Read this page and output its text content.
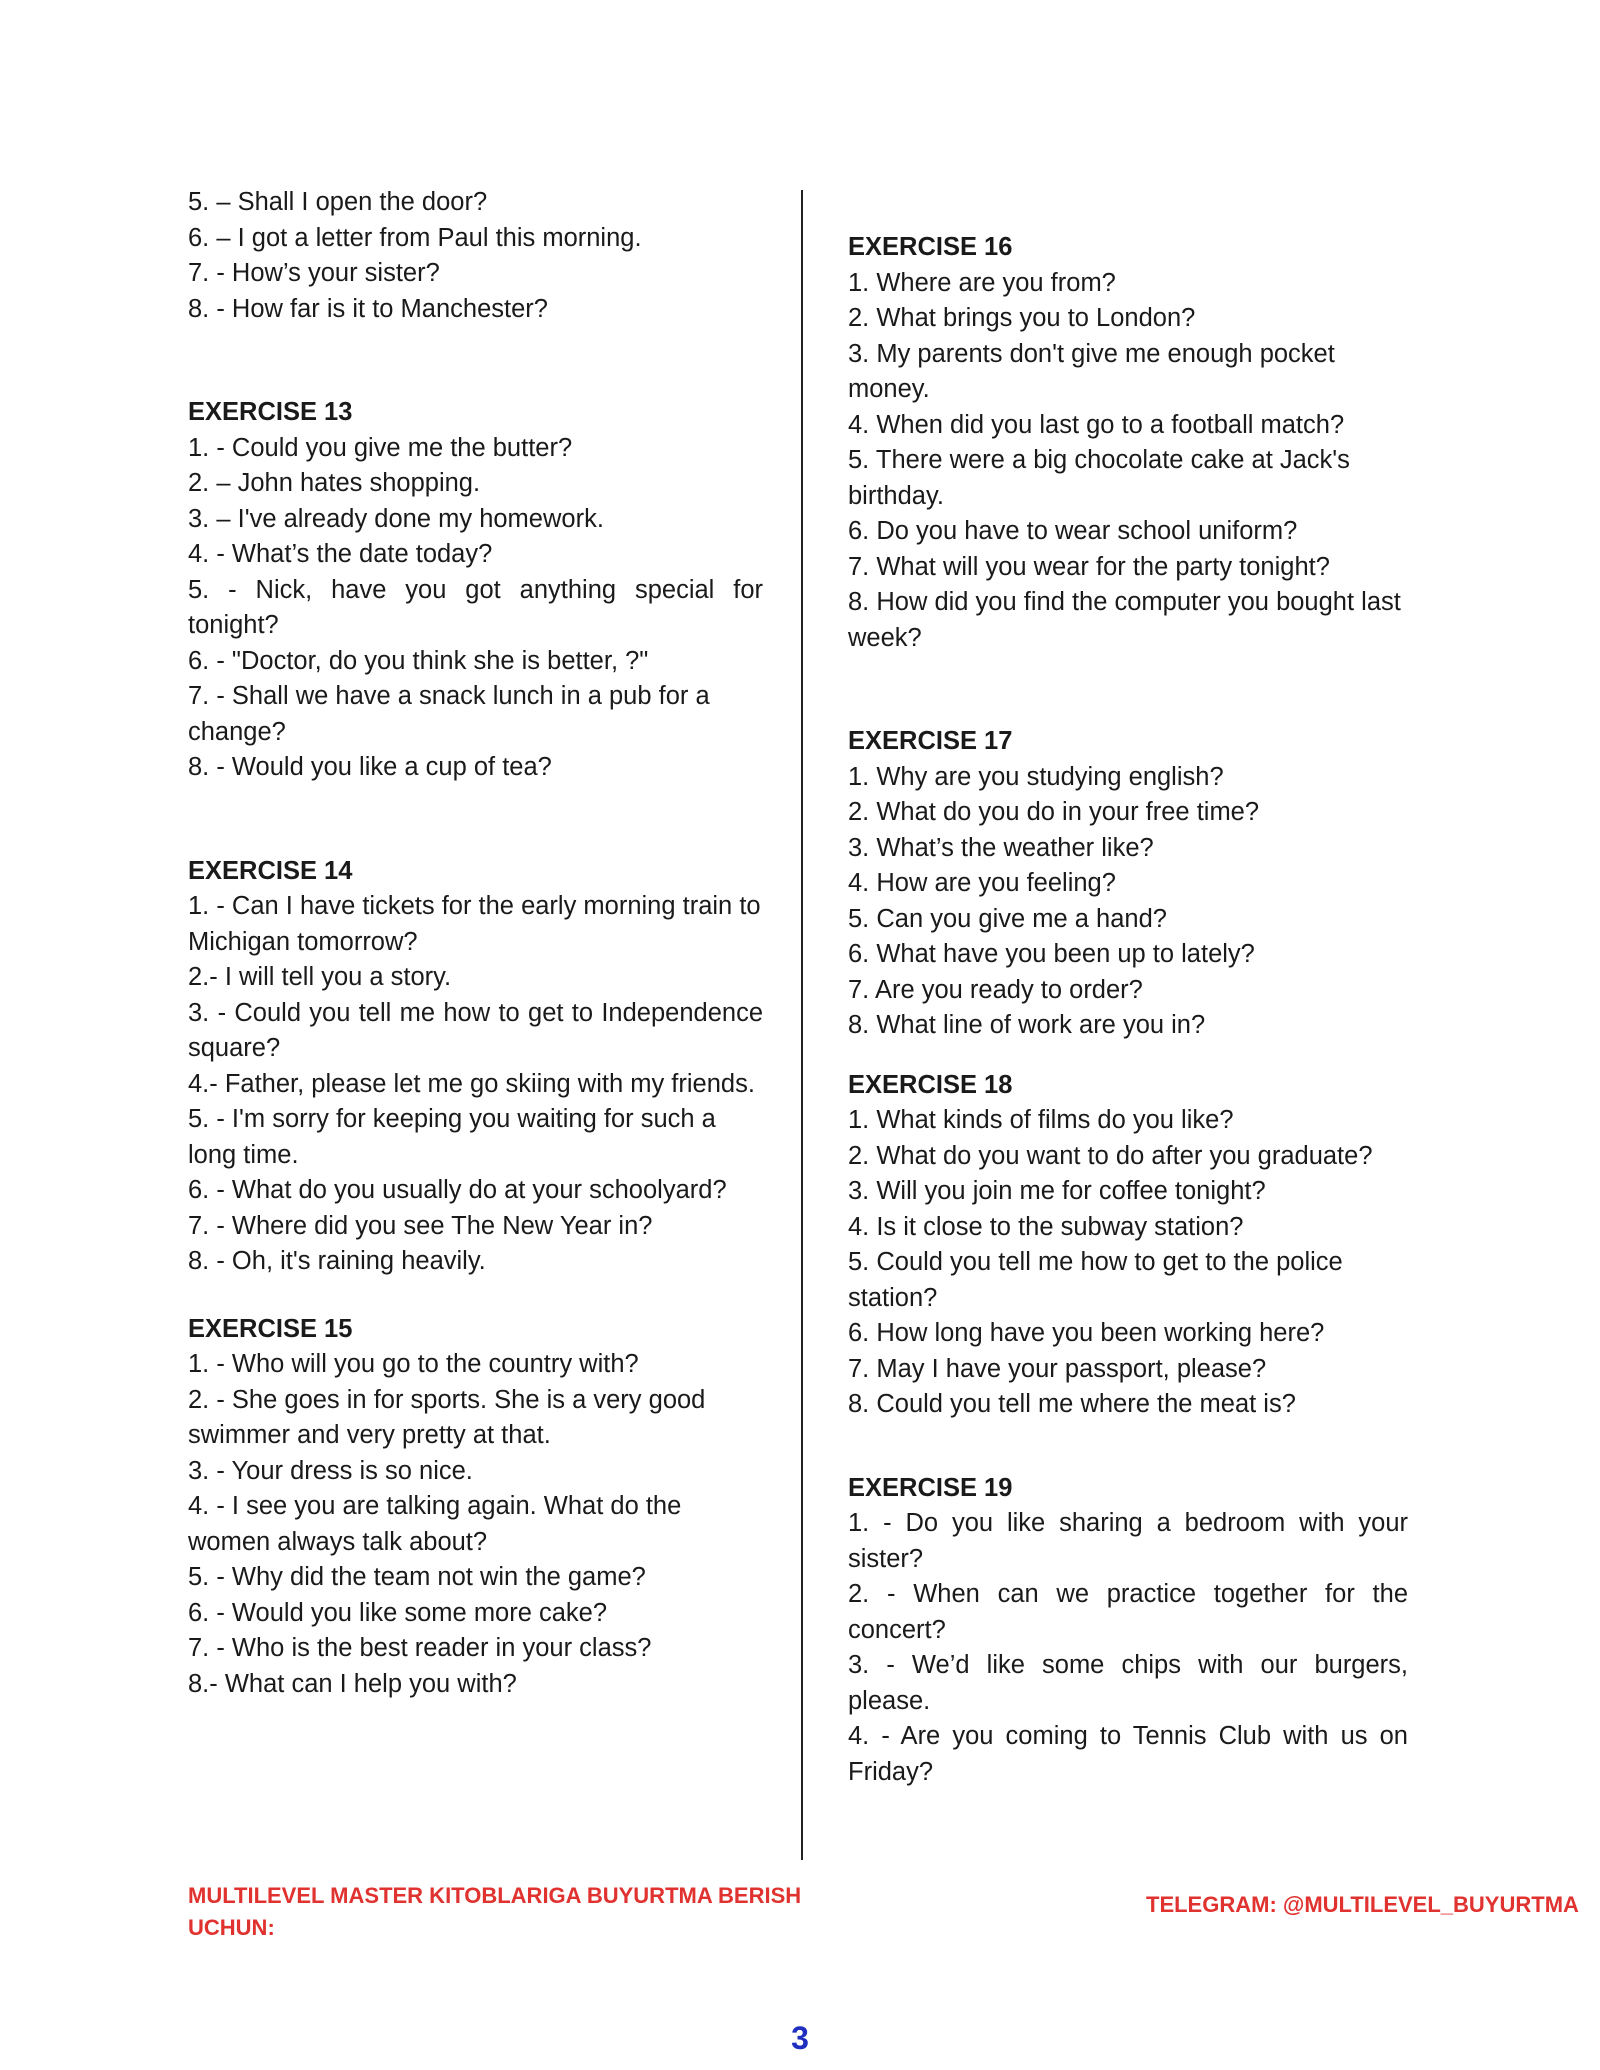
5. – Shall I open the door?

6. – I got a letter from Paul this morning.

7. - How’s your sister?

8. - How far is it to Manchester?

EXERCISE 13

1. - Could you give me the butter?

2. – John hates shopping.

3. – I've already done my homework.

4. - What’s the date today?

5. - Nick, have you got anything special for tonight?

6. - "Doctor, do you think she is better, ?"

7. - Shall we have a snack lunch in a pub for a change?

8. - Would you like a cup of tea?

EXERCISE 14

1. - Can I have tickets for the early morning train to Michigan tomorrow?

2.- I will tell you a story.

3. - Could you tell me how to get to Independence square?

4.- Father, please let me go skiing with my friends.

5. - I'm sorry for keeping you waiting for such a long time.

6. - What do you usually do at your schoolyard?

7. - Where did you see The New Year in?

8. - Oh, it's raining heavily.

EXERCISE 15

1. - Who will you go to the country with?

2. - She goes in for sports. She is a very good swimmer and very pretty at that.

3. - Your dress is so nice.

4. - I see you are talking again. What do the women always talk about?

5. - Why did the team not win the game?

6. - Would you like some more cake?

7. - Who is the best reader in your class?

8.- What can I help you with?

EXERCISE 16

1. Where are you from?

2. What brings you to London?

3. My parents don't give me enough pocket money.

4. When did you last go to a football match?

5. There were a big chocolate cake at Jack's birthday.

6. Do you have to wear school uniform?

7. What will you wear for the party tonight?

8. How did you find the computer you bought last week?

EXERCISE 17

1. Why are you studying english?

2. What do you do in your free time?

3. What’s the weather like?

4. How are you feeling?

5. Can you give me a hand?

6. What have you been up to lately?

7. Are you ready to order?

8. What line of work are you in?

EXERCISE 18

1. What kinds of films do you like?

2. What do you want to do after you graduate?

3. Will you join me for coffee tonight?

4. Is it close to the subway station?

5. Could you tell me how to get to the police station?

6. How long have you been working here?

7. May I have your passport, please?

8. Could you tell me where the meat is?

EXERCISE 19

1. - Do you like sharing a bedroom with your sister?

2. - When can we practice together for the concert?

3. - We’d like some chips with our burgers, please.

4. - Are you coming to Tennis Club with us on Friday?

MULTILEVEL MASTER KITOBLARIGA BUYURTMA BERISH UCHUN:
TELEGRAM: @MULTILEVEL_BUYURTMA
3
